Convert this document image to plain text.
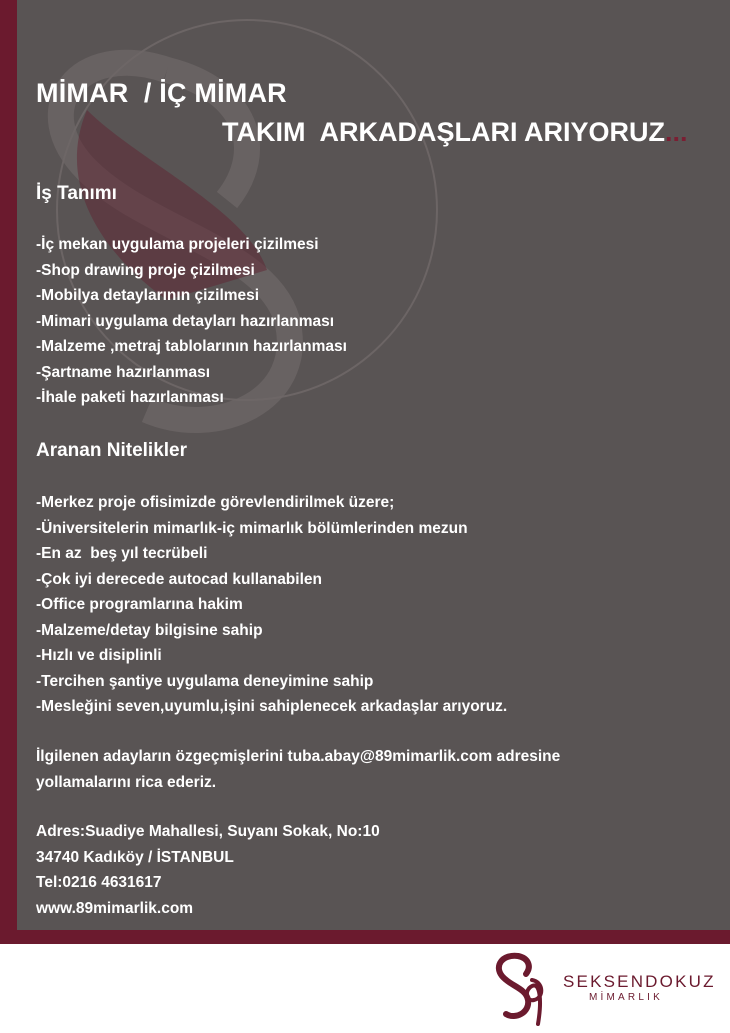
MİMAR  / İÇ MİMAR
TAKIM  ARKADAŞLARI ARIYORUZ...
İş Tanımı
-İç mekan uygulama projeleri çizilmesi
-Shop drawing proje çizilmesi
-Mobilya detaylarının çizilmesi
-Mimari uygulama detayları hazırlanması
-Malzeme ,metraj tablolarının hazırlanması
-Şartname hazırlanması
-İhale paketi hazırlanması
Aranan Nitelikler
-Merkez proje ofisimizde görevlendirilmek üzere;
-Üniversitelerin mimarlık-iç mimarlık bölümlerinden mezun
-En az  beş yıl tecrübeli
-Çok iyi derecede autocad kullanabilen
-Office programlarına hakim
-Malzeme/detay bilgisine sahip
-Hızlı ve disiplinli
-Tercihen şantiye uygulama deneyimine sahip
-Mesleğini seven,uyumlu,işini sahiplenecek arkadaşlar arıyoruz.
İlgilenen adayların özgeçmişlerini tuba.abay@89mimarlik.com adresine
yollamalarını rica ederiz.
Adres:Suadiye Mahallesi, Suyanı Sokak, No:10
34740 Kadıköy / İSTANBUL
Tel:0216 4631617
www.89mimarlik.com
SEKSENDOKUZ
MİMARLIK
